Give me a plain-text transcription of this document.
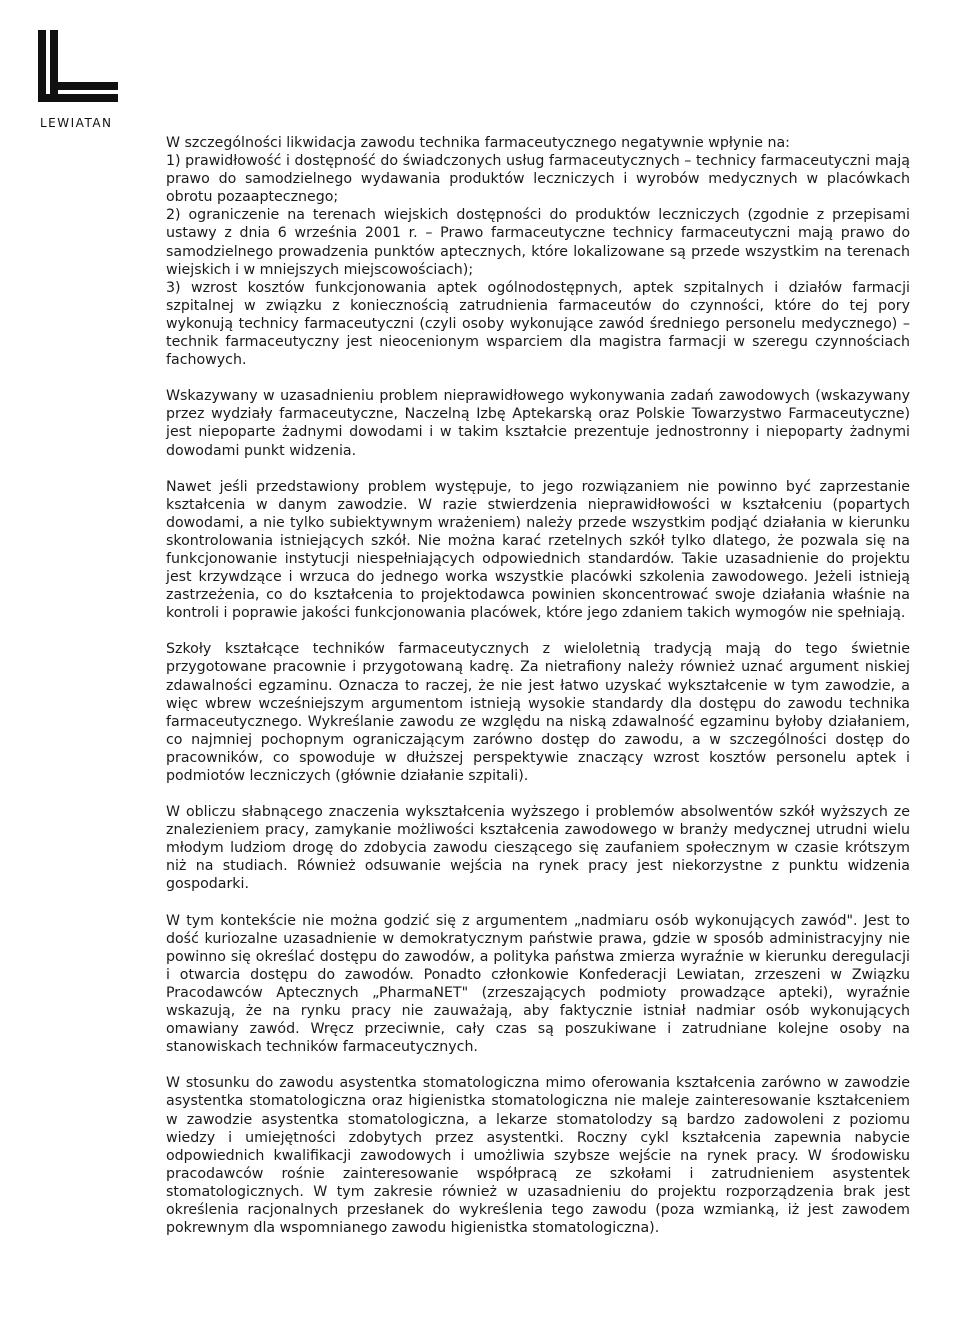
LEWIATAN

W szczególności likwidacja zawodu technika farmaceutycznego negatywnie wpłynie na:

1) prawidłowość i dostępność do świadczonych usług farmaceutycznych – technicy farmaceutyczni mają prawo do samodzielnego wydawania produktów leczniczych i wyrobów medycznych w placówkach obrotu pozaaptecznego;

2) ograniczenie na terenach wiejskich dostępności do produktów leczniczych (zgodnie z przepisami ustawy z dnia 6 września 2001 r. – Prawo farmaceutyczne technicy farmaceutyczni mają prawo do samodzielnego prowadzenia punktów aptecznych, które lokalizowane są przede wszystkim na terenach wiejskich i w mniejszych miejscowościach);

3) wzrost kosztów funkcjonowania aptek ogólnodostępnych, aptek szpitalnych i działów farmacji szpitalnej w związku z koniecznością zatrudnienia farmaceutów do czynności, które do tej pory wykonują technicy farmaceutyczni (czyli osoby wykonujące zawód średniego personelu medycznego) – technik farmaceutyczny jest nieocenionym wsparciem dla magistra farmacji w szeregu czynnościach fachowych.

Wskazywany w uzasadnieniu problem nieprawidłowego wykonywania zadań zawodowych (wskazywany przez wydziały farmaceutyczne, Naczelną Izbę Aptekarską oraz Polskie Towarzystwo Farmaceutyczne) jest niepoparte żadnymi dowodami i w takim kształcie prezentuje jednostronny i niepoparty żadnymi dowodami punkt widzenia.

Nawet jeśli przedstawiony problem występuje, to jego rozwiązaniem nie powinno być zaprzestanie kształcenia w danym zawodzie. W razie stwierdzenia nieprawidłowości w kształceniu (popartych dowodami, a nie tylko subiektywnym wrażeniem) należy przede wszystkim podjąć działania w kierunku skontrolowania istniejących szkół. Nie można karać rzetelnych szkół tylko dlatego, że pozwala się na funkcjonowanie instytucji niespełniających odpowiednich standardów. Takie uzasadnienie do projektu jest krzywdzące i wrzuca do jednego worka wszystkie placówki szkolenia zawodowego. Jeżeli istnieją zastrzeżenia, co do kształcenia to projektodawca powinien skoncentrować swoje działania właśnie na kontroli i poprawie jakości funkcjonowania placówek, które jego zdaniem takich wymogów nie spełniają.

Szkoły kształcące techników farmaceutycznych z wieloletnią tradycją mają do tego świetnie przygotowane pracownie i przygotowaną kadrę. Za nietrafiony należy również uznać argument niskiej zdawalności egzaminu. Oznacza to raczej, że nie jest łatwo uzyskać wykształcenie w tym zawodzie, a więc wbrew wcześniejszym argumentom istnieją wysokie standardy dla dostępu do zawodu technika farmaceutycznego. Wykreślanie zawodu ze względu na niską zdawalność egzaminu byłoby działaniem, co najmniej pochopnym ograniczającym zarówno dostęp do zawodu, a w szczególności dostęp do pracowników, co spowoduje w dłuższej perspektywie znaczący wzrost kosztów personelu aptek i podmiotów leczniczych (głównie działanie szpitali).

W obliczu słabnącego znaczenia wykształcenia wyższego i problemów absolwentów szkół wyższych ze znalezieniem pracy, zamykanie możliwości kształcenia zawodowego w branży medycznej utrudni wielu młodym ludziom drogę do zdobycia zawodu cieszącego się zaufaniem społecznym w czasie krótszym niż na studiach. Również odsuwanie wejścia na rynek pracy jest niekorzystne z punktu widzenia gospodarki.

W tym kontekście nie można godzić się z argumentem „nadmiaru osób wykonujących zawód". Jest to dość kuriozalne uzasadnienie w demokratycznym państwie prawa, gdzie w sposób administracyjny nie powinno się określać dostępu do zawodów, a polityka państwa zmierza wyraźnie w kierunku deregulacji i otwarcia dostępu do zawodów. Ponadto członkowie Konfederacji Lewiatan, zrzeszeni w Związku Pracodawców Aptecznych „PharmaNET" (zrzeszających podmioty prowadzące apteki), wyraźnie wskazują, że na rynku pracy nie zauważają, aby faktycznie istniał nadmiar osób wykonujących omawiany zawód. Wręcz przeciwnie, cały czas są poszukiwane i zatrudniane kolejne osoby na stanowiskach techników farmaceutycznych.

W stosunku do zawodu asystentka stomatologiczna mimo oferowania kształcenia zarówno w zawodzie asystentka stomatologiczna oraz higienistka stomatologiczna nie maleje zainteresowanie kształceniem w zawodzie asystentka stomatologiczna, a lekarze stomatolodzy są bardzo zadowoleni z poziomu wiedzy i umiejętności zdobytych przez asystentki. Roczny cykl kształcenia zapewnia nabycie odpowiednich kwalifikacji zawodowych i umożliwia szybsze wejście na rynek pracy. W środowisku pracodawców rośnie zainteresowanie współpracą ze szkołami i zatrudnieniem asystentek stomatologicznych. W tym zakresie również w uzasadnieniu do projektu rozporządzenia brak jest określenia racjonalnych przesłanek do wykreślenia tego zawodu (poza wzmianką, iż jest zawodem pokrewnym dla wspomnianego zawodu higienistka stomatologiczna).
